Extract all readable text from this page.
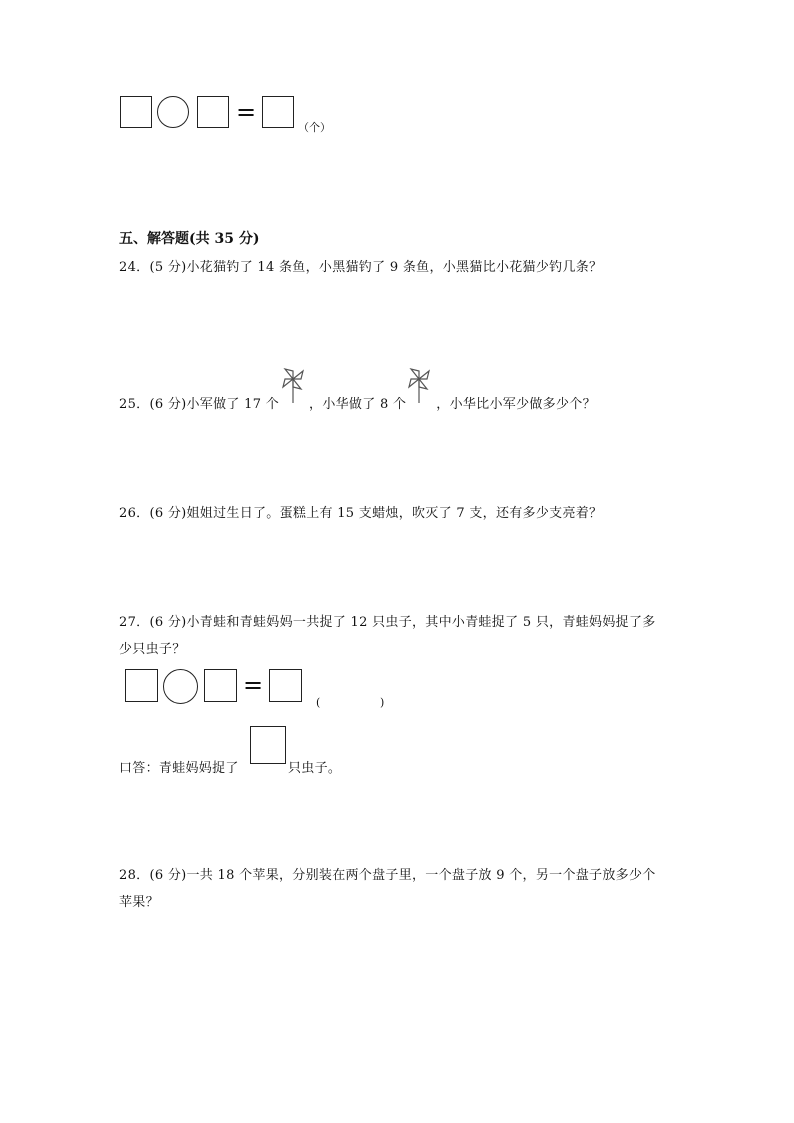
=
（个）
五、解答题(共 35 分)
24．(5 分)小花猫钓了 14 条鱼，小黑猫钓了 9 条鱼，小黑猫比小花猫少钓几条？
25．(6 分)小军做了 17 个 ，小华做了 8 个 ，小华比小军少做多少个？
26．(6 分)姐姐过生日了。蛋糕上有 15 支蜡烛，吹灭了 7 支，还有多少支亮着？
27．(6 分)小青蛙和青蛙妈妈一共捉了 12 只虫子，其中小青蛙捉了 5 只，青蛙妈妈捉了多
少只虫子？
=
(	)
口答：青蛙妈妈捉了	只虫子。
28．(6 分)一共 18 个苹果，分别装在两个盘子里，一个盘子放 9 个，另一个盘子放多少个
苹果？
